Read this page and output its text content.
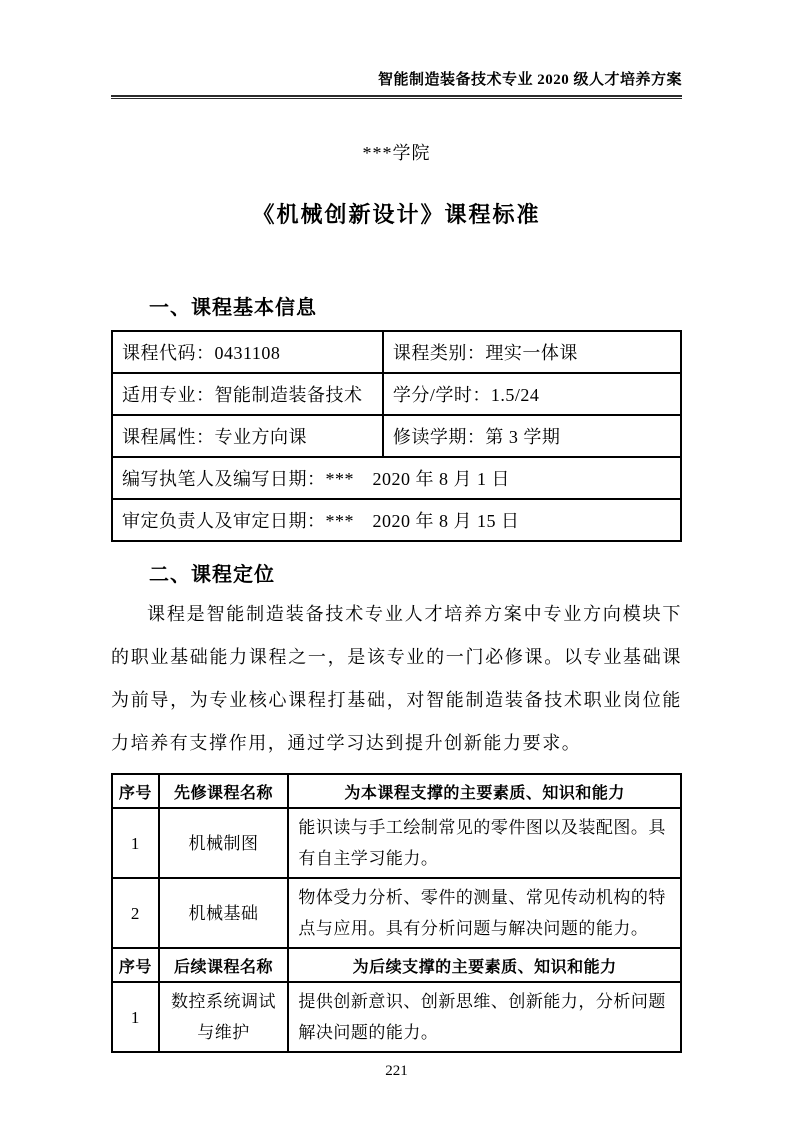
智能制造装备技术专业 2020 级人才培养方案
***学院
《机械创新设计》课程标准
一、课程基本信息
课程代码：0431108	课程类别：理实一体课
适用专业：智能制造装备技术	学分/学时：1.5/24
课程属性：专业方向课	修读学期：第 3 学期
编写执笔人及编写日期：***　2020 年 8 月 1 日	
审定负责人及审定日期：***　2020 年 8 月 15 日	
二、课程定位

课程是智能制造装备技术专业人才培养方案中专业方向模块下的职业基础能力课程之一，是该专业的一门必修课。以专业基础课为前导，为专业核心课程打基础，对智能制造装备技术职业岗位能力培养有支撑作用，通过学习达到提升创新能力要求。

序号	先修课程名称	为本课程支撑的主要素质、知识和能力
1	机械制图	能识读与手工绘制常见的零件图以及装配图。具有自主学习能力。
2	机械基础	物体受力分析、零件的测量、常见传动机构的特点与应用。具有分析问题与解决问题的能力。
序号	后续课程名称	为后续支撑的主要素质、知识和能力
1	数控系统调试与维护	提供创新意识、创新思维、创新能力，分析问题解决问题的能力。
221
